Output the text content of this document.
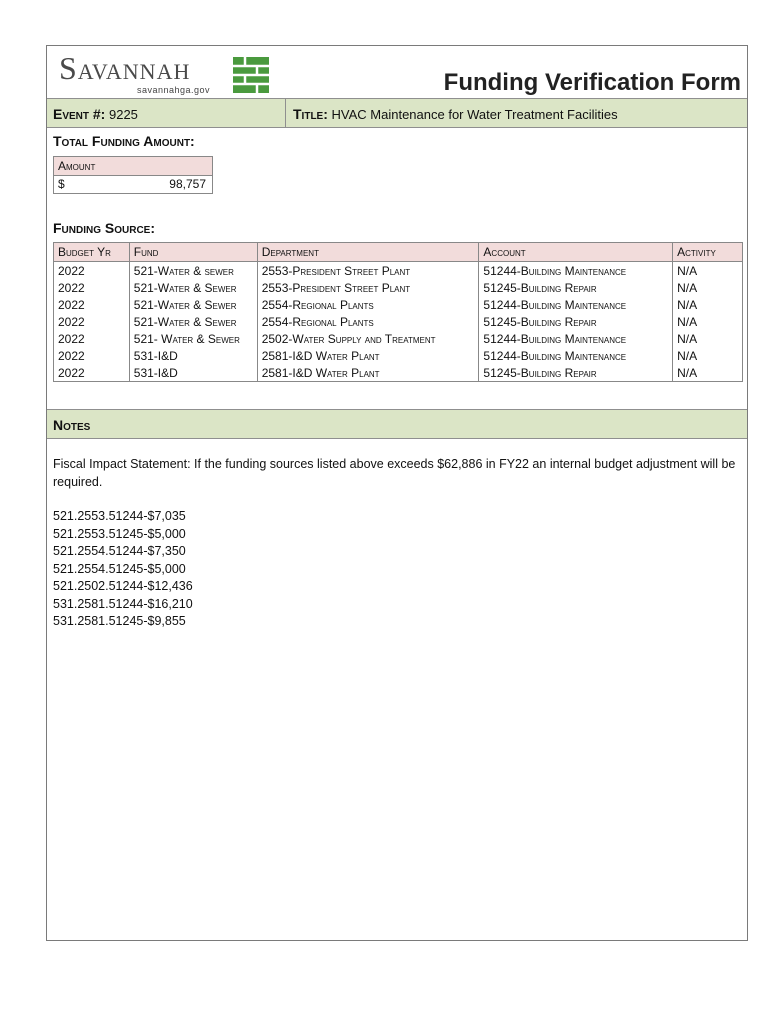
Savannah
savannahga.gov	Funding Verification Form
Event #: 9225	Title: HVAC Maintenance for Water Treatment Facilities
Total Funding Amount:
Amount
$	98,757
Funding Source:
Budget Yr	Fund	Department	Account	Activity
2022	521-Water & sewer	2553-President Street Plant	51244-Building Maintenance	N/A
2022	521-Water & Sewer	2553-President Street Plant	51245-Building Repair	N/A
2022	521-Water & Sewer	2554-Regional Plants	51244-Building Maintenance	N/A
2022	521-Water & Sewer	2554-Regional Plants	51245-Building Repair	N/A
2022	521- Water & Sewer	2502-Water Supply and Treatment	51244-Building Maintenance	N/A
2022	531-I&D	2581-I&D Water Plant	51244-Building Maintenance	N/A
2022	531-I&D	2581-I&D Water Plant	51245-Building Repair	N/A
Notes

Fiscal Impact Statement: If the funding sources listed above exceeds $62,886 in FY22 an internal budget adjustment will be required.

521.2553.51244-$7,035
521.2553.51245-$5,000
521.2554.51244-$7,350
521.2554.51245-$5,000
521.2502.51244-$12,436
531.2581.51244-$16,210
531.2581.51245-$9,855
